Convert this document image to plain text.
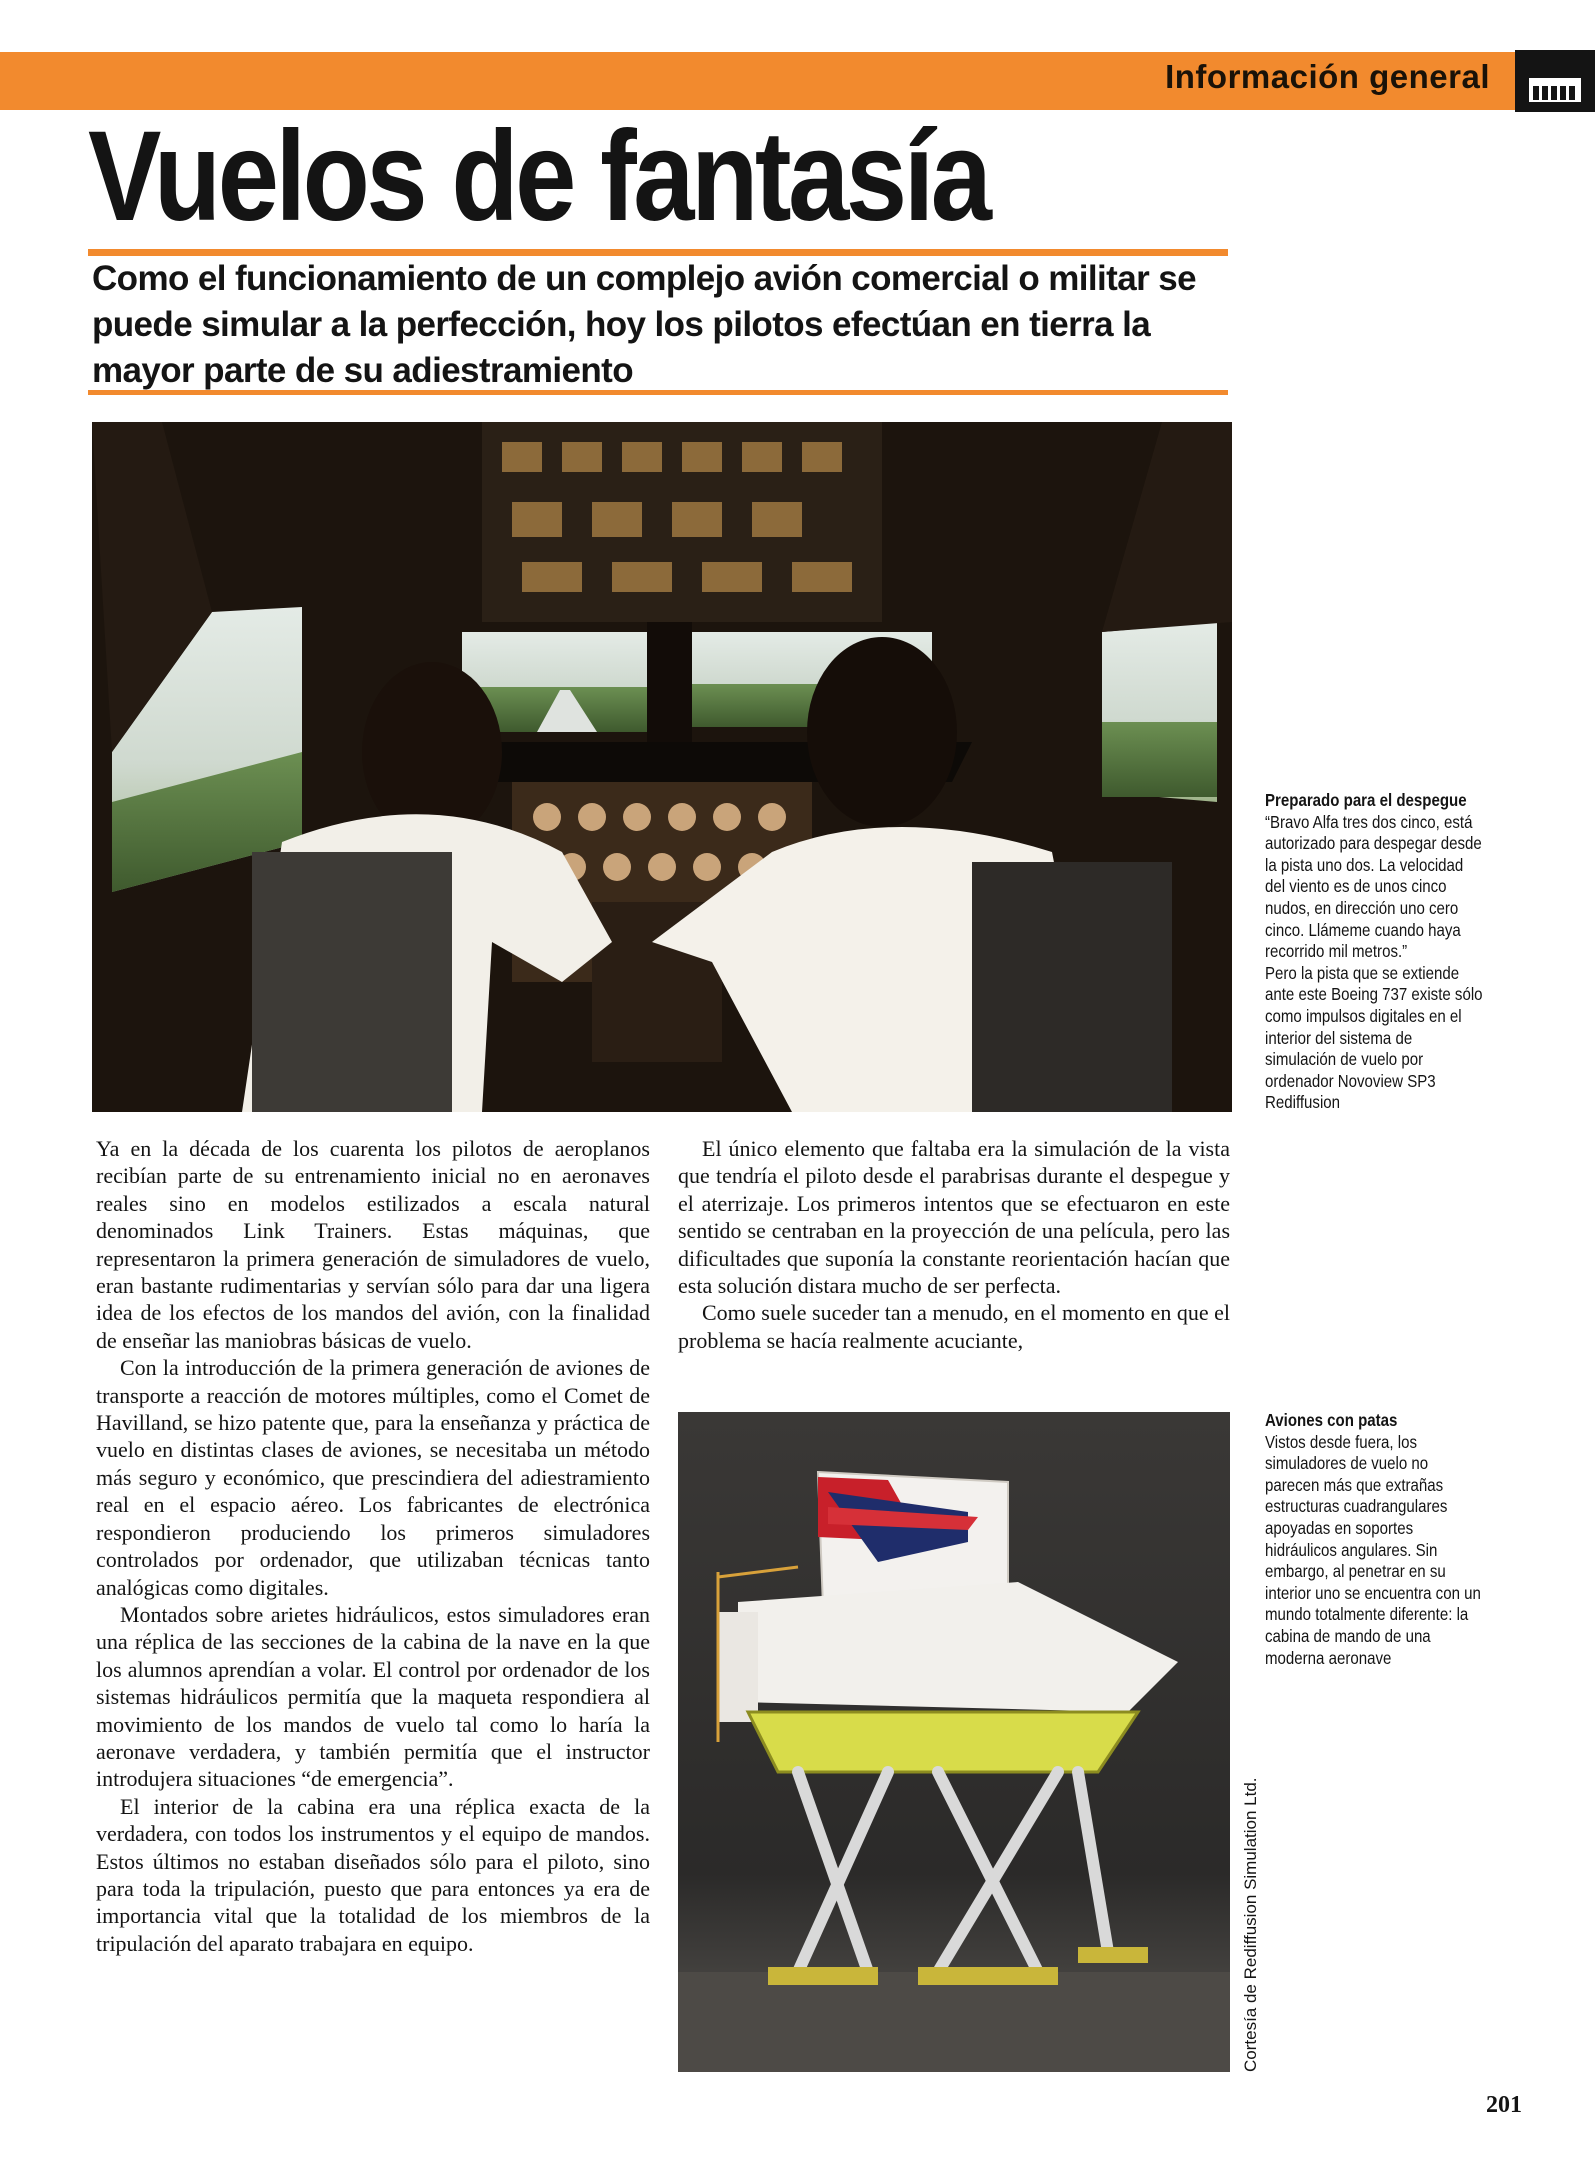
Información general
Vuelos de fantasía

Como el funcionamiento de un complejo avión comercial o militar se puede simular a la perfección, hoy los pilotos efectúan en tierra la mayor parte de su adiestramiento

Preparado para el despegue
“Bravo Alfa tres dos cinco, está
autorizado para despegar desde
la pista uno dos. La velocidad
del viento es de unos cinco
nudos, en dirección uno cero
cinco. Llámeme cuando haya
recorrido mil metros.”
Pero la pista que se extiende
ante este Boeing 737 existe sólo
como impulsos digitales en el
interior del sistema de
simulación de vuelo por
ordenador Novoview SP3
Rediffusion

Ya en la década de los cuarenta los pilotos de aeroplanos recibían parte de su entrenamiento inicial no en aeronaves reales sino en modelos estilizados a escala natural denominados Link Trainers. Estas máquinas, que representaron la primera generación de simuladores de vuelo, eran bastante rudimentarias y servían sólo para dar una ligera idea de los efectos de los mandos del avión, con la finalidad de enseñar las maniobras básicas de vuelo.

Con la introducción de la primera generación de aviones de transporte a reacción de motores múltiples, como el Comet de Havilland, se hizo patente que, para la enseñanza y práctica de vuelo en distintas clases de aviones, se necesitaba un método más seguro y económico, que prescindiera del adiestramiento real en el espacio aéreo. Los fabricantes de electrónica respondieron produciendo los primeros simuladores controlados por ordenador, que utilizaban técnicas tanto analógicas como digitales.

Montados sobre arietes hidráulicos, estos simuladores eran una réplica de las secciones de la cabina de la nave en la que los alumnos aprendían a volar. El control por ordenador de los sistemas hidráulicos permitía que la maqueta respondiera al movimiento de los mandos de vuelo tal como lo haría la aeronave verdadera, y también permitía que el instructor introdujera situaciones “de emergencia”.

El interior de la cabina era una réplica exacta de la verdadera, con todos los instrumentos y el equipo de mandos. Estos últimos no estaban diseñados sólo para el piloto, sino para toda la tripulación, puesto que para entonces ya era de importancia vital que la totalidad de los miembros de la tripulación del aparato trabajara en equipo.

El único elemento que faltaba era la simulación de la vista que tendría el piloto desde el parabrisas durante el despegue y el aterrizaje. Los primeros intentos que se efectuaron en este sentido se centraban en la proyección de una película, pero las dificultades que suponía la constante reorientación hacían que esta solución distara mucho de ser perfecta.

Como suele suceder tan a menudo, en el momento en que el problema se hacía realmente acuciante,

Aviones con patas
Vistos desde fuera, los
simuladores de vuelo no
parecen más que extrañas
estructuras cuadrangulares
apoyadas en soportes
hidráulicos angulares. Sin
embargo, al penetrar en su
interior uno se encuentra con un
mundo totalmente diferente: la
cabina de mando de una
moderna aeronave
Cortesía de Rediffusion Simulation Ltd.
201
